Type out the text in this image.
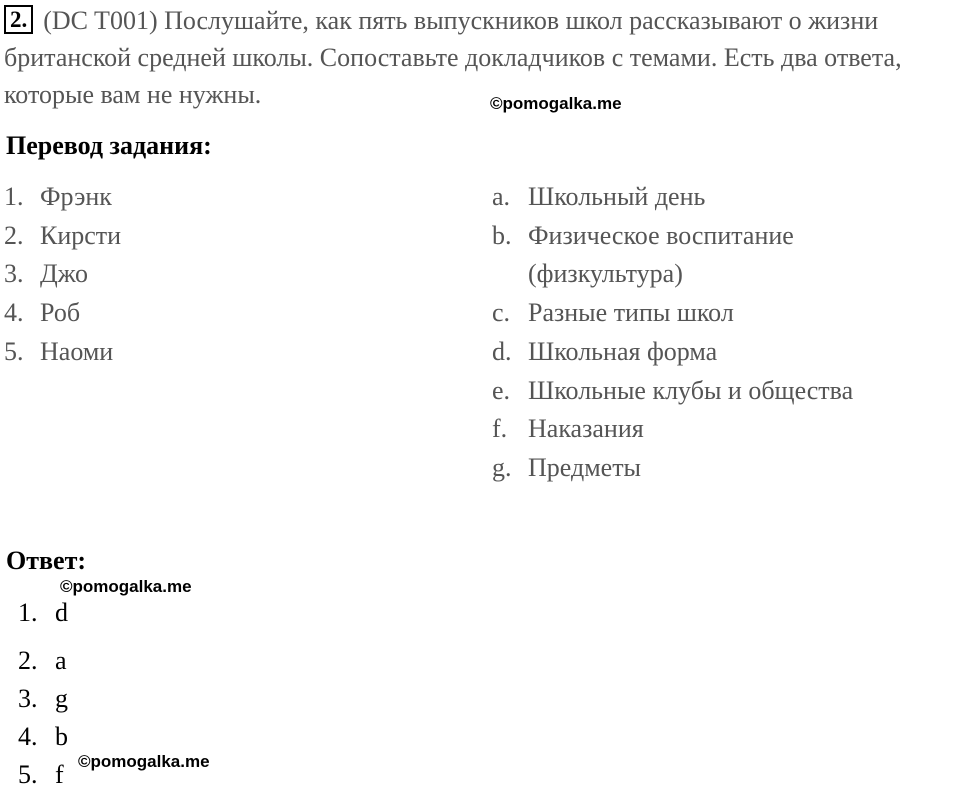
2. (DC T001) Послушайте, как пять выпускников школ рассказывают о жизни британской средней школы. Сопоставьте докладчиков с темами. Есть два ответа, которые вам не нужны.	©pomogalka.me
Перевод задания:
1. Фрэнк
2. Кирсти
3. Джо
4. Роб
5. Наоми
a. Школьный день
b. Физическое воспитание (физкультура)
c. Разные типы школ
d. Школьная форма
e. Школьные клубы и общества
f. Наказания
g. Предметы
Ответ:
©pomogalka.me
1. d
2. a
3. g
4. b
5. f ©pomogalka.me
